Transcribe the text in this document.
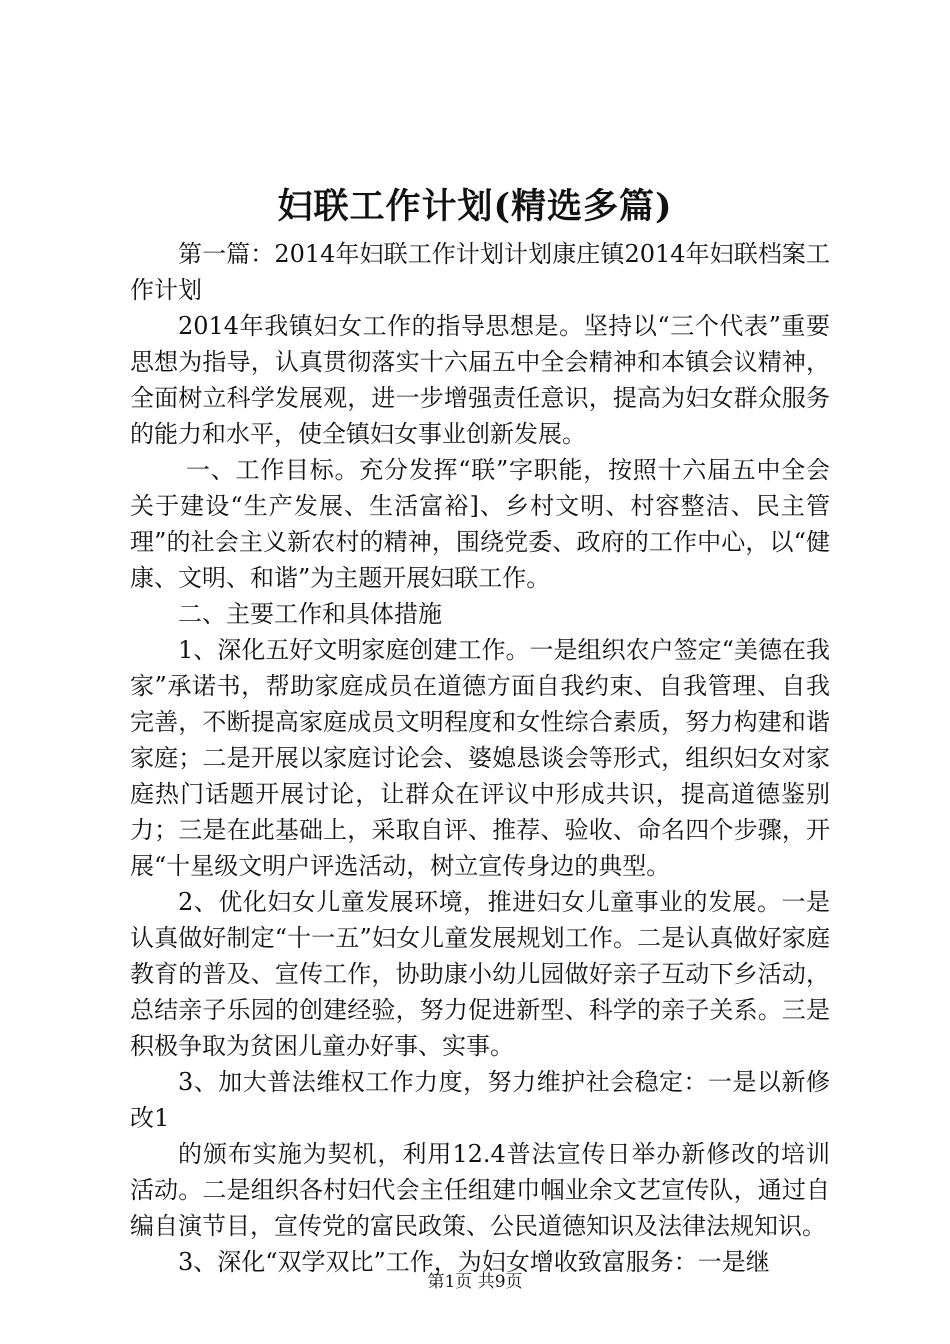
妇联工作计划(精选多篇)

第一篇：2014年妇联工作计划计划康庄镇2014年妇联档案工作计划

2014年我镇妇女工作的指导思想是。坚持以“三个代表”重要思想为指导，认真贯彻落实十六届五中全会精神和本镇会议精神，全面树立科学发展观，进一步增强责任意识，提高为妇女群众服务的能力和水平，使全镇妇女事业创新发展。

一、工作目标。充分发挥“联”字职能，按照十六届五中全会关于建设“生产发展、生活富裕]、乡村文明、村容整洁、民主管理”的社会主义新农村的精神，围绕党委、政府的工作中心，以“健康、文明、和谐”为主题开展妇联工作。

二、主要工作和具体措施

1、深化五好文明家庭创建工作。一是组织农户签定“美德在我家”承诺书，帮助家庭成员在道德方面自我约束、自我管理、自我完善，不断提高家庭成员文明程度和女性综合素质，努力构建和谐家庭；二是开展以家庭讨论会、婆媳恳谈会等形式，组织妇女对家庭热门话题开展讨论，让群众在评议中形成共识，提高道德鉴别力；三是在此基础上，采取自评、推荐、验收、命名四个步骤，开展“十星级文明户评选活动，树立宣传身边的典型。

2、优化妇女儿童发展环境，推进妇女儿童事业的发展。一是认真做好制定“十一五”妇女儿童发展规划工作。二是认真做好家庭教育的普及、宣传工作，协助康小幼儿园做好亲子互动下乡活动，总结亲子乐园的创建经验，努力促进新型、科学的亲子关系。三是积极争取为贫困儿童办好事、实事。

3、加大普法维权工作力度，努力维护社会稳定：一是以新修改1

的颁布实施为契机，利用12.4普法宣传日举办新修改的培训活动。二是组织各村妇代会主任组建巾帼业余文艺宣传队，通过自编自演节目，宣传党的富民政策、公民道德知识及法律法规知识。

3、深化“双学双比”工作，为妇女增收致富服务：一是继

第1页 共9页
